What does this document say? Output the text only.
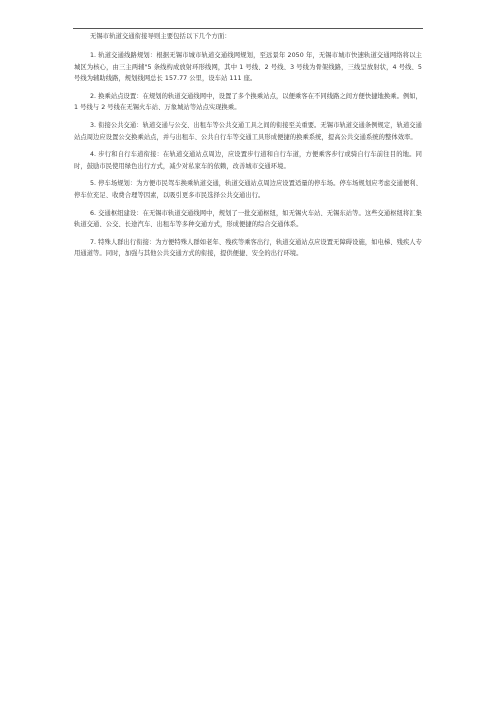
无锡市轨道交通衔接导则主要包括以下几个方面：

1. 轨道交通线路规划：根据无锡市城市轨道交通线网规划，至远景年 2050 年，无锡市城市快速轨道交通网络将以主城区为核心，由三主两辅"5 条线构成放射环形线网，其中 1 号线、2 号线、3 号线为骨架线路，三线呈放射状，4 号线、5 号线为辅助线路，规划线网总长 157.77 公里，设车站 111 座。

2. 换乘站点设置：在规划的轨道交通线网中，设置了多个换乘站点，以便乘客在不同线路之间方便快捷地换乘。例如，1 号线与 2 号线在无锡火车站、万象城站等站点实现换乘。

3. 衔接公共交通：轨道交通与公交、出租车等公共交通工具之间的衔接至关重要。无锡市轨道交通条例规定，轨道交通站点周边应设置公交换乘站点，并与出租车、公共自行车等交通工具形成便捷的换乘系统，提高公共交通系统的整体效率。

4. 步行和自行车道衔接：在轨道交通站点周边，应设置步行道和自行车道，方便乘客步行或骑自行车前往目的地。同时，鼓励市民使用绿色出行方式，减少对私家车的依赖，改善城市交通环境。

5. 停车场规划：为方便市民驾车换乘轨道交通，轨道交通站点周边应设置适量的停车场。停车场规划应考虑交通便利、停车位充足、收费合理等因素，以吸引更多市民选择公共交通出行。

6. 交通枢纽建设：在无锡市轨道交通线网中，规划了一批交通枢纽，如无锡火车站、无锡东站等。这些交通枢纽将汇集轨道交通、公交、长途汽车、出租车等多种交通方式，形成便捷的综合交通体系。

7. 特殊人群出行衔接：为方便特殊人群如老年、残疾等乘客出行，轨道交通站点应设置无障碍设施，如电梯、残疾人专用通道等。同时，加强与其他公共交通方式的衔接，提供便捷、安全的出行环境。
